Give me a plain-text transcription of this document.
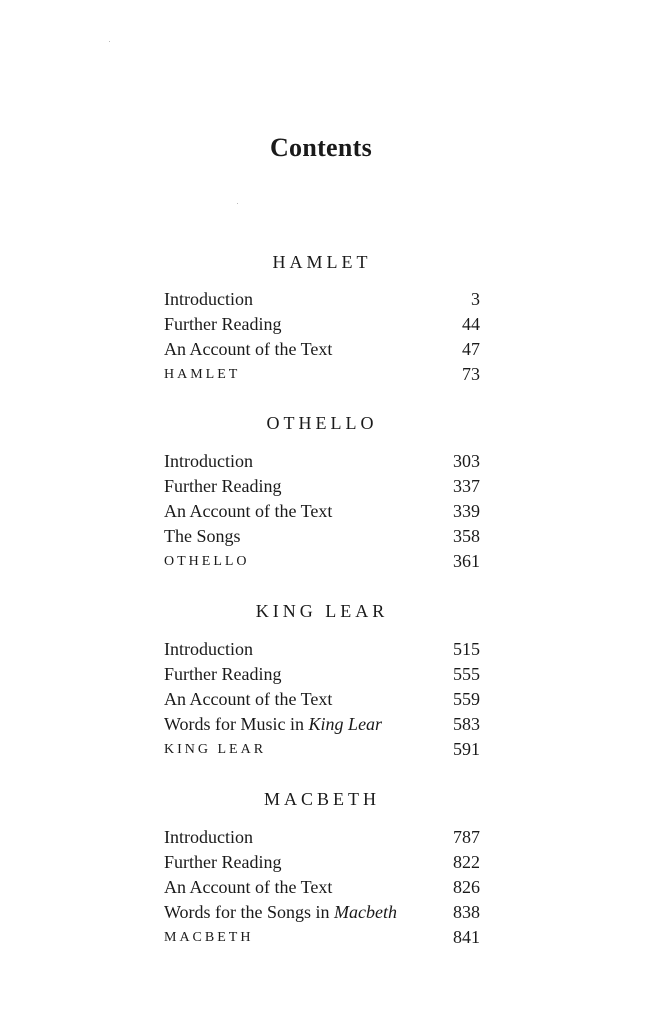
Contents
HAMLET
Introduction	3
Further Reading	44
An Account of the Text	47
HAMLET	73
OTHELLO
Introduction	303
Further Reading	337
An Account of the Text	339
The Songs	358
OTHELLO	361
KING LEAR
Introduction	515
Further Reading	555
An Account of the Text	559
Words for Music in King Lear	583
KING LEAR	591
MACBETH
Introduction	787
Further Reading	822
An Account of the Text	826
Words for the Songs in Macbeth	838
MACBETH	841
